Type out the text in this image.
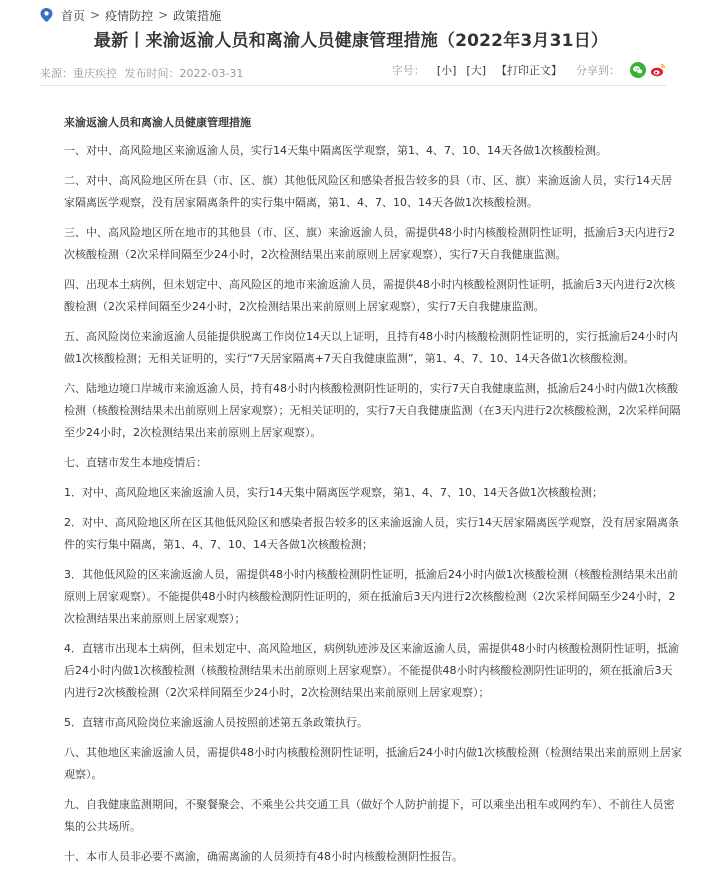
首页 > 疫情防控 > 政策措施
最新丨来渝返渝人员和离渝人员健康管理措施（2022年3月31日）
来源：重庆疾控 发布时间：2022-03-31	字号： [小] [大] 【打印正文】 分享到：

来渝返渝人员和离渝人员健康管理措施

一、对中、高风险地区来渝返渝人员，实行14天集中隔离医学观察，第1、4、7、10、14天各做1次核酸检测。

二、对中、高风险地区所在县（市、区、旗）其他低风险区和感染者报告较多的县（市、区、旗）来渝返渝人员，实行14天居家隔离医学观察，没有居家隔离条件的实行集中隔离，第1、4、7、10、14天各做1次核酸检测。

三、中、高风险地区所在地市的其他县（市、区、旗）来渝返渝人员，需提供48小时内核酸检测阴性证明，抵渝后3天内进行2次核酸检测（2次采样间隔至少24小时，2次检测结果出来前原则上居家观察），实行7天自我健康监测。

四、出现本土病例，但未划定中、高风险区的地市来渝返渝人员，需提供48小时内核酸检测阴性证明，抵渝后3天内进行2次核酸检测（2次采样间隔至少24小时，2次检测结果出来前原则上居家观察），实行7天自我健康监测。

五、高风险岗位来渝返渝人员能提供脱离工作岗位14天以上证明，且持有48小时内核酸检测阴性证明的，实行抵渝后24小时内做1次核酸检测；无相关证明的，实行“7天居家隔离+7天自我健康监测”，第1、4、7、10、14天各做1次核酸检测。

六、陆地边境口岸城市来渝返渝人员，持有48小时内核酸检测阴性证明的，实行7天自我健康监测，抵渝后24小时内做1次核酸检测（核酸检测结果未出前原则上居家观察）；无相关证明的，实行7天自我健康监测（在3天内进行2次核酸检测，2次采样间隔至少24小时，2次检测结果出来前原则上居家观察）。

七、直辖市发生本地疫情后：

1．对中、高风险地区来渝返渝人员，实行14天集中隔离医学观察，第1、4、7、10、14天各做1次核酸检测；

2．对中、高风险地区所在区其他低风险区和感染者报告较多的区来渝返渝人员，实行14天居家隔离医学观察，没有居家隔离条件的实行集中隔离，第1、4、7、10、14天各做1次核酸检测；

3．其他低风险的区来渝返渝人员，需提供48小时内核酸检测阴性证明，抵渝后24小时内做1次核酸检测（核酸检测结果未出前原则上居家观察）。不能提供48小时内核酸检测阴性证明的，须在抵渝后3天内进行2次核酸检测（2次采样间隔至少24小时，2次检测结果出来前原则上居家观察）；

4．直辖市出现本土病例，但未划定中、高风险地区，病例轨迹涉及区来渝返渝人员，需提供48小时内核酸检测阴性证明，抵渝后24小时内做1次核酸检测（核酸检测结果未出前原则上居家观察）。不能提供48小时内核酸检测阴性证明的，须在抵渝后3天内进行2次核酸检测（2次采样间隔至少24小时，2次检测结果出来前原则上居家观察）；

5．直辖市高风险岗位来渝返渝人员按照前述第五条政策执行。

八、其他地区来渝返渝人员，需提供48小时内核酸检测阴性证明，抵渝后24小时内做1次核酸检测（检测结果出来前原则上居家观察）。

九、自我健康监测期间，不聚餐聚会、不乘坐公共交通工具（做好个人防护前提下，可以乘坐出租车或网约车）、不前往人员密集的公共场所。

十、本市人员非必要不离渝，确需离渝的人员须持有48小时内核酸检测阴性报告。
